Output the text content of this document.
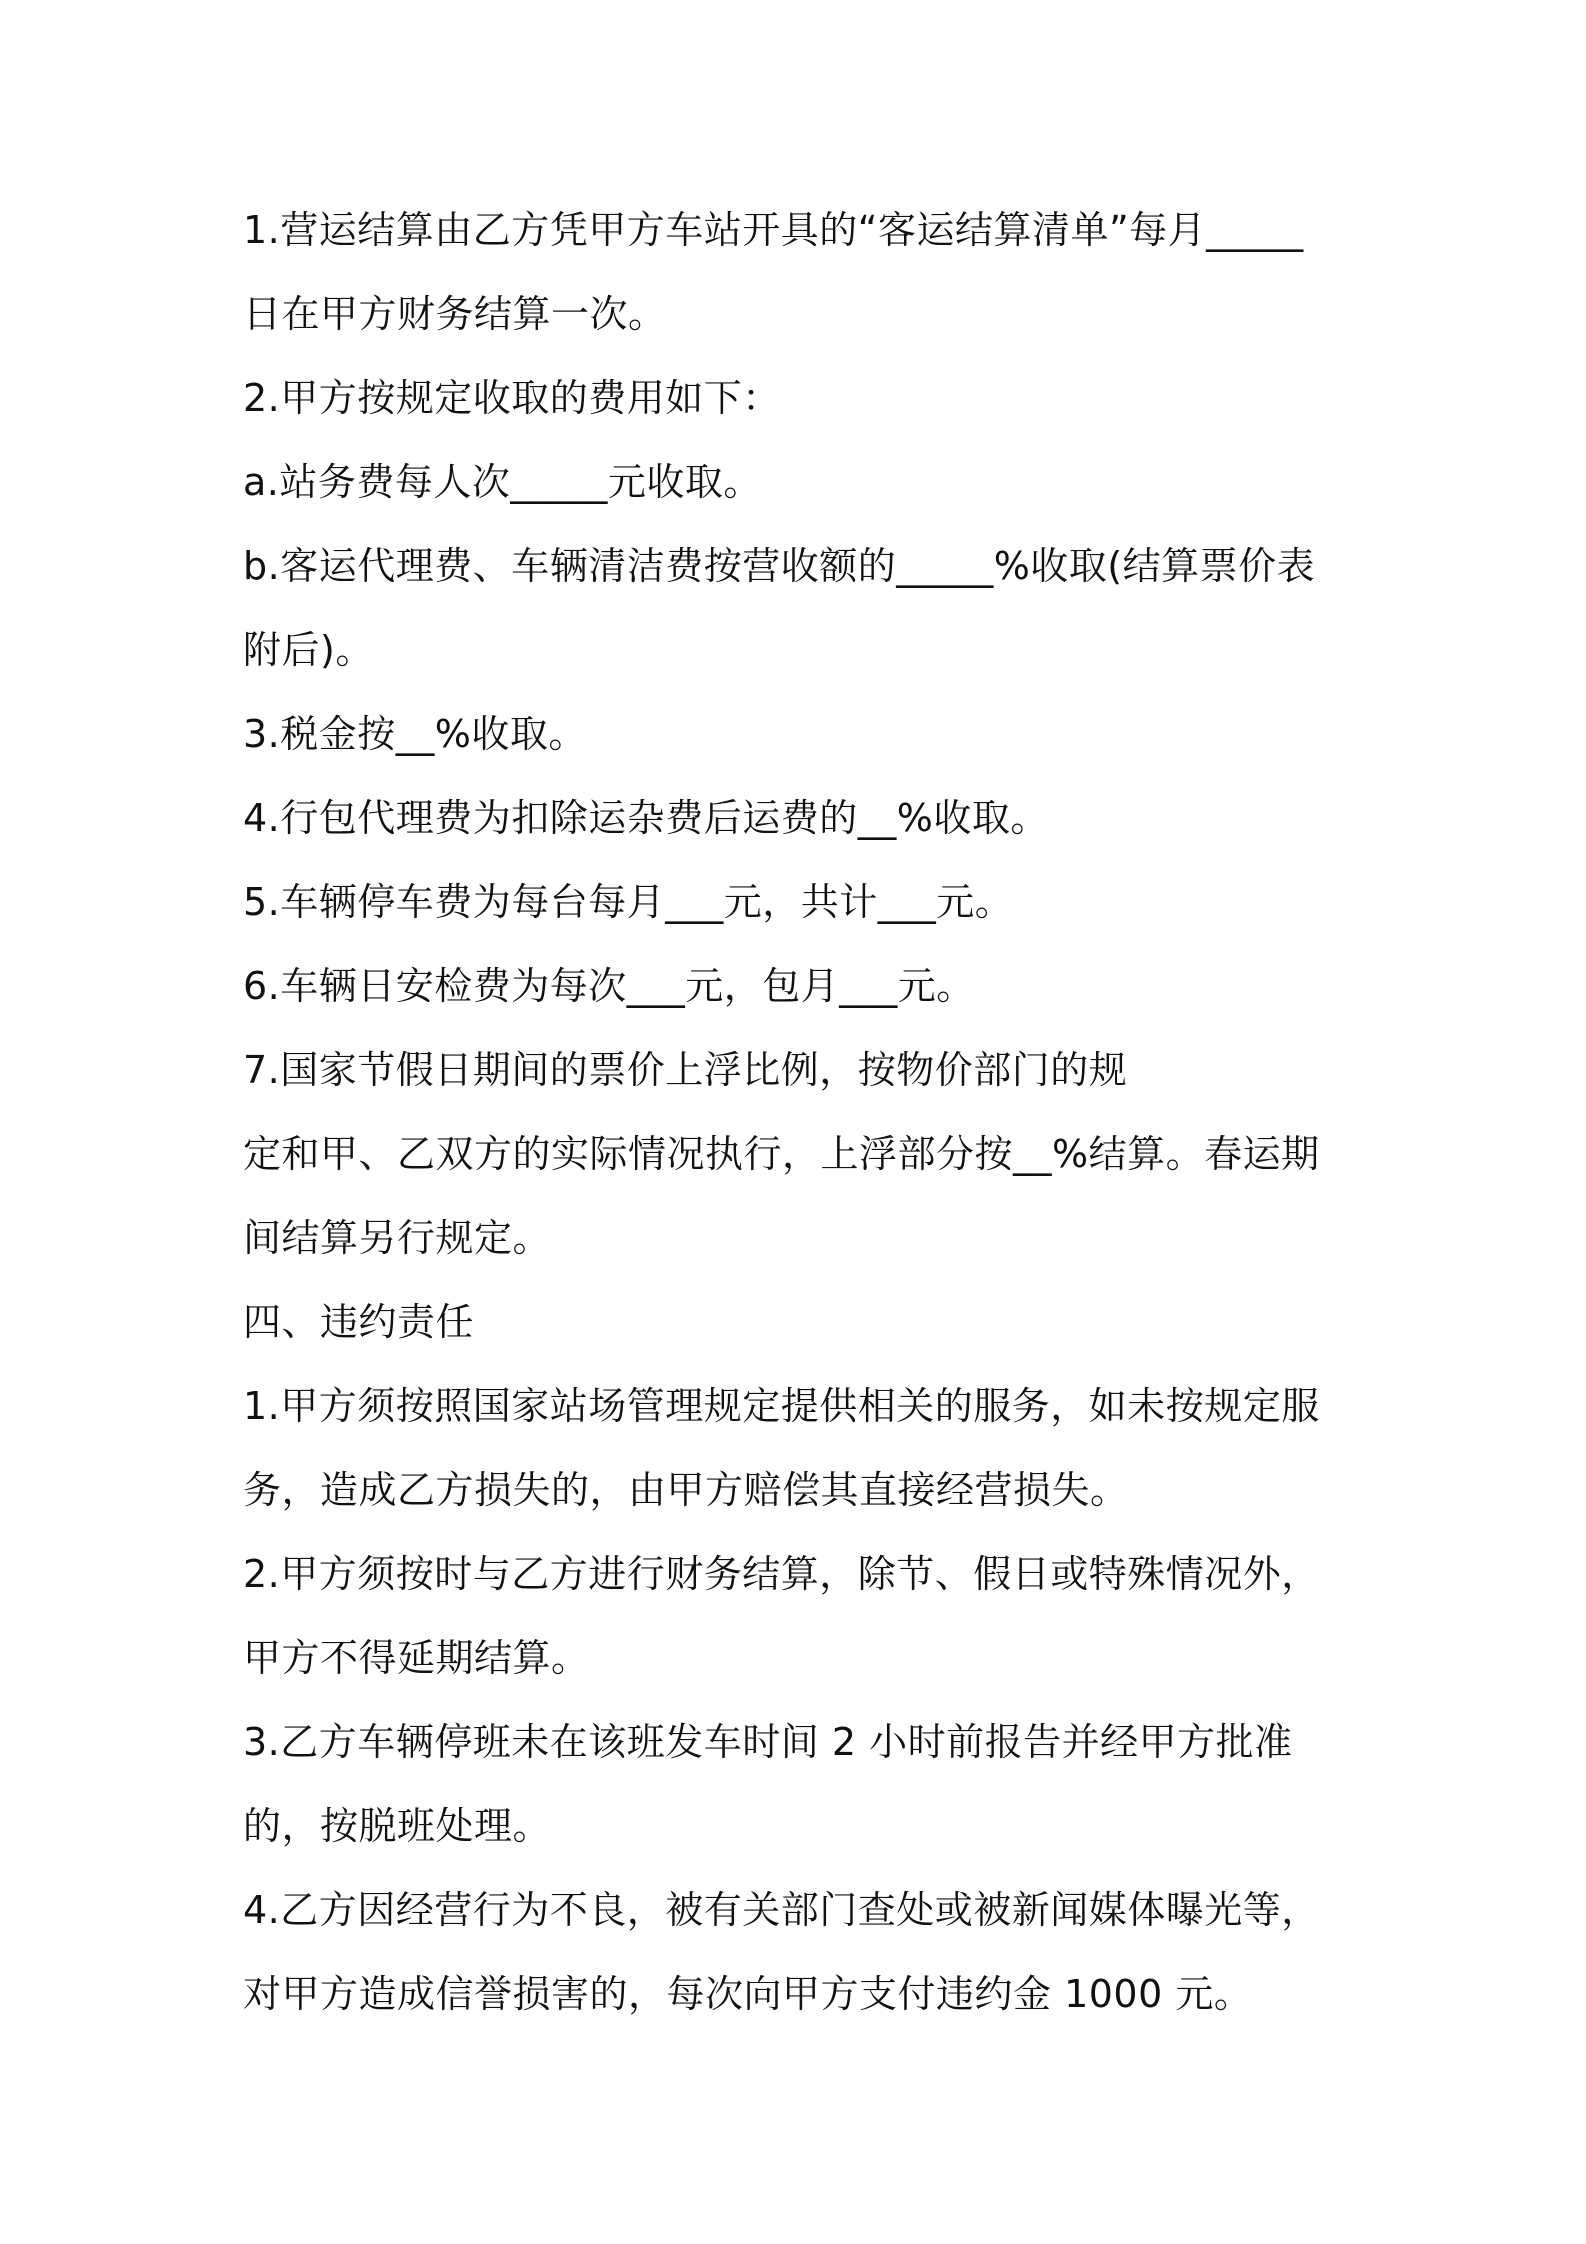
1.营运结算由乙方凭甲方车站开具的“客运结算清单”每月_____
日在甲方财务结算一次。
2.甲方按规定收取的费用如下：
a.站务费每人次_____元收取。
b.客运代理费、车辆清洁费按营收额的_____%收取(结算票价表
附后)。
3.税金按__%收取。
4.行包代理费为扣除运杂费后运费的__%收取。
5.车辆停车费为每台每月___元，共计___元。
6.车辆日安检费为每次___元，包月___元。
7.国家节假日期间的票价上浮比例，按物价部门的规
定和甲、乙双方的实际情况执行，上浮部分按__%结算。春运期
间结算另行规定。
四、违约责任
1.甲方须按照国家站场管理规定提供相关的服务，如未按规定服
务，造成乙方损失的，由甲方赔偿其直接经营损失。
2.甲方须按时与乙方进行财务结算，除节、假日或特殊情况外，
甲方不得延期结算。
3.乙方车辆停班未在该班发车时间 2 小时前报告并经甲方批准
的，按脱班处理。
4.乙方因经营行为不良，被有关部门查处或被新闻媒体曝光等，
对甲方造成信誉损害的，每次向甲方支付违约金 1000 元。
